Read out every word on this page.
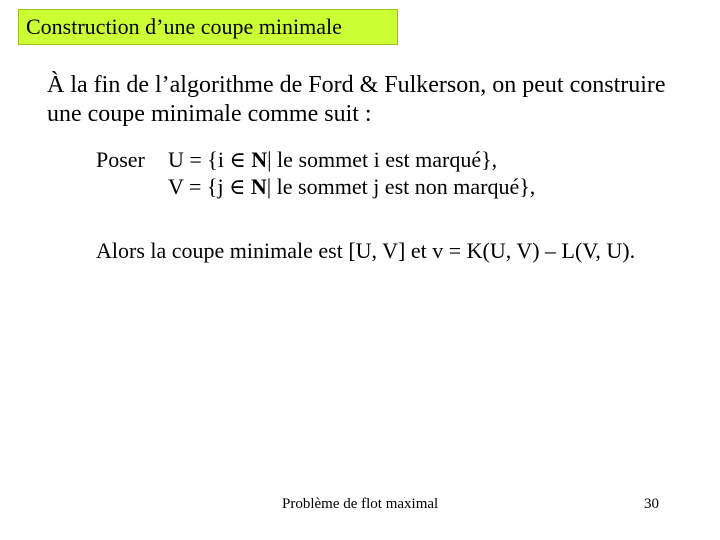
Construction d’une coupe minimale
À la fin de l’algorithme de Ford & Fulkerson, on peut construire
une coupe minimale comme suit :
Poser U = {i ∈ N| le sommet i est marqué},
V = {j ∈ N| le sommet j est non marqué},
Alors la coupe minimale est [U, V] et v = K(U, V) – L(V, U).
Problème de flot maximal	30
